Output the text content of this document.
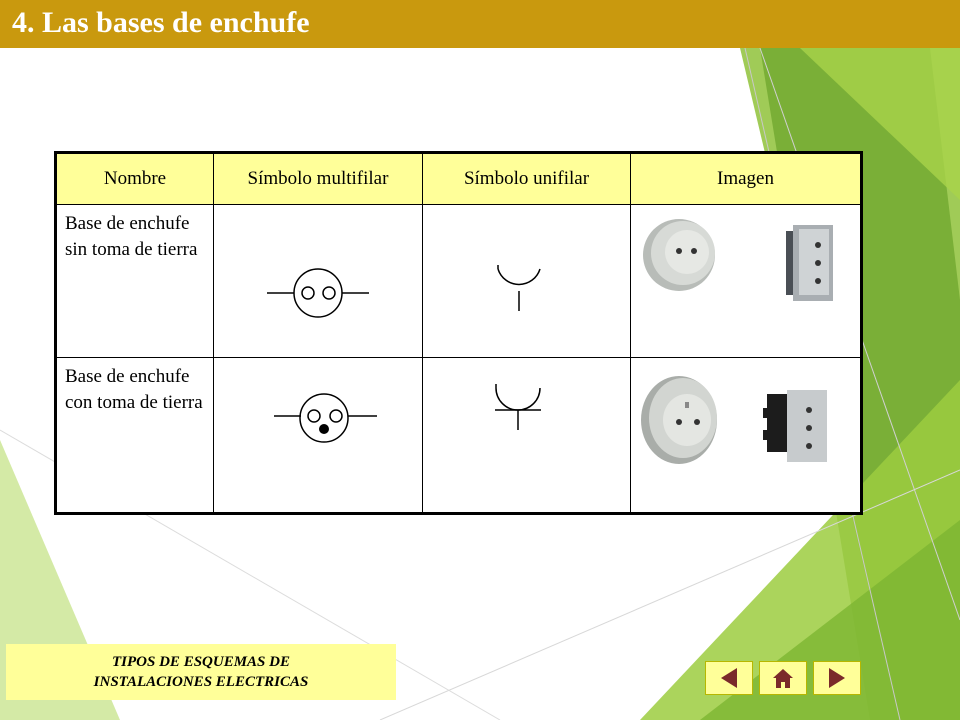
4. Las bases de enchufe
Nombre	Símbolo multifilar	Símbolo unifilar	Imagen
Base de enchufe sin toma de tierra	

Base de enchufe con toma de tierra	

TIPOS DE ESQUEMAS DE
INSTALACIONES ELECTRICAS
